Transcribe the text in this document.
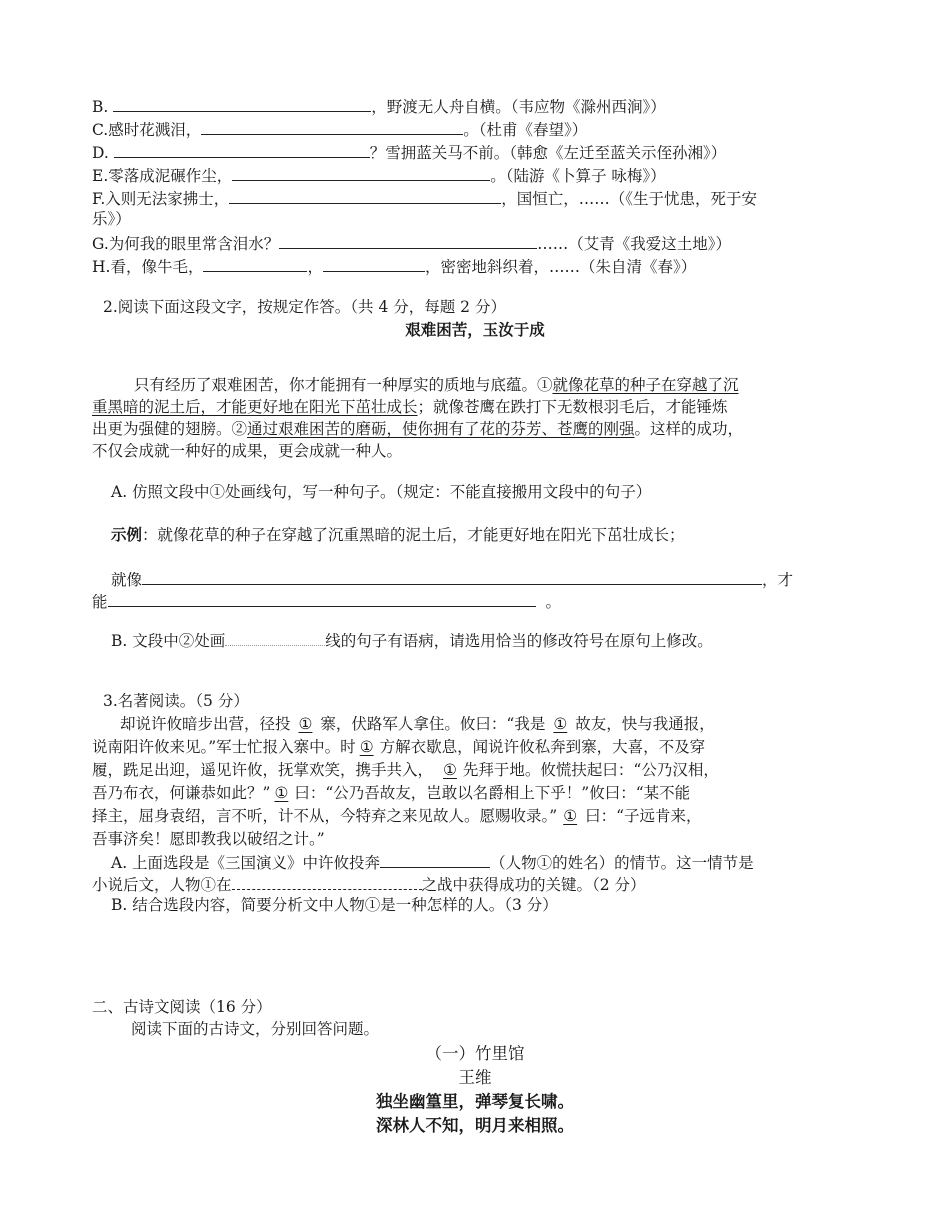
B.	，野渡无人舟自横。（韦应物《滁州西涧》）
C.感时花溅泪，	。（杜甫《春望》）
D.	？雪拥蓝关马不前。（韩愈《左迁至蓝关示侄孙湘》）
E.零落成泥碾作尘，	。（陆游《卜算子 咏梅》）
F.入则无法家拂士，	，国恒亡，……（《生于忧患，死于安
乐》）
G.为何我的眼里常含泪水？	……（艾青《我爱这土地》）
H.看，像牛毛，	，	，密密地斜织着，……（朱自清《春》）
2.阅读下面这段文字，按规定作答。（共 4 分，每题 2 分）
艰难困苦，玉汝于成
只有经历了艰难困苦，你才能拥有一种厚实的质地与底蕴。①就像花草的种子在穿越了沉
重黑暗的泥土后，才能更好地在阳光下茁壮成长；就像苍鹰在跌打下无数根羽毛后，才能锤炼
出更为强健的翅膀。②通过艰难困苦的磨砺，使你拥有了花的芬芳、苍鹰的刚强。这样的成功，
不仅会成就一种好的成果，更会成就一种人。
A. 仿照文段中①处画线句，写一种句子。（规定：不能直接搬用文段中的句子）
示例：就像花草的种子在穿越了沉重黑暗的泥土后，才能更好地在阳光下茁壮成长；
就像	，才
能	。
B. 文段中②处画	线的句子有语病，请选用恰当的修改符号在原句上修改。
3.名著阅读。（5 分）
却说许攸暗步出营，径投 ① 寨，伏路军人拿住。攸曰：“我是 ① 故友，快与我通报，
说南阳许攸来见。”军士忙报入寨中。时 ① 方解衣歇息，闻说许攸私奔到寨，大喜，不及穿
履，跣足出迎，遥见许攸，抚掌欢笑，携手共入， ① 先拜于地。攸慌扶起曰：“公乃汉相，
吾乃布衣，何谦恭如此？” ① 曰：“公乃吾故友，岂敢以名爵相上下乎！”攸曰：“某不能
择主，屈身袁绍，言不听，计不从，今特弃之来见故人。愿赐收录。” ① 曰：“子远肯来，
吾事济矣！愿即教我以破绍之计。”
A. 上面选段是《三国演义》中许攸投奔	（人物①的姓名）的情节。这一情节是
小说后文，人物①在	之战中获得成功的关键。（2 分）
B. 结合选段内容，简要分析文中人物①是一种怎样的人。（3 分）
二、古诗文阅读（16 分）
阅读下面的古诗文，分别回答问题。
（一）竹里馆
王维
独坐幽篁里，弹琴复长啸。
深林人不知，明月来相照。
